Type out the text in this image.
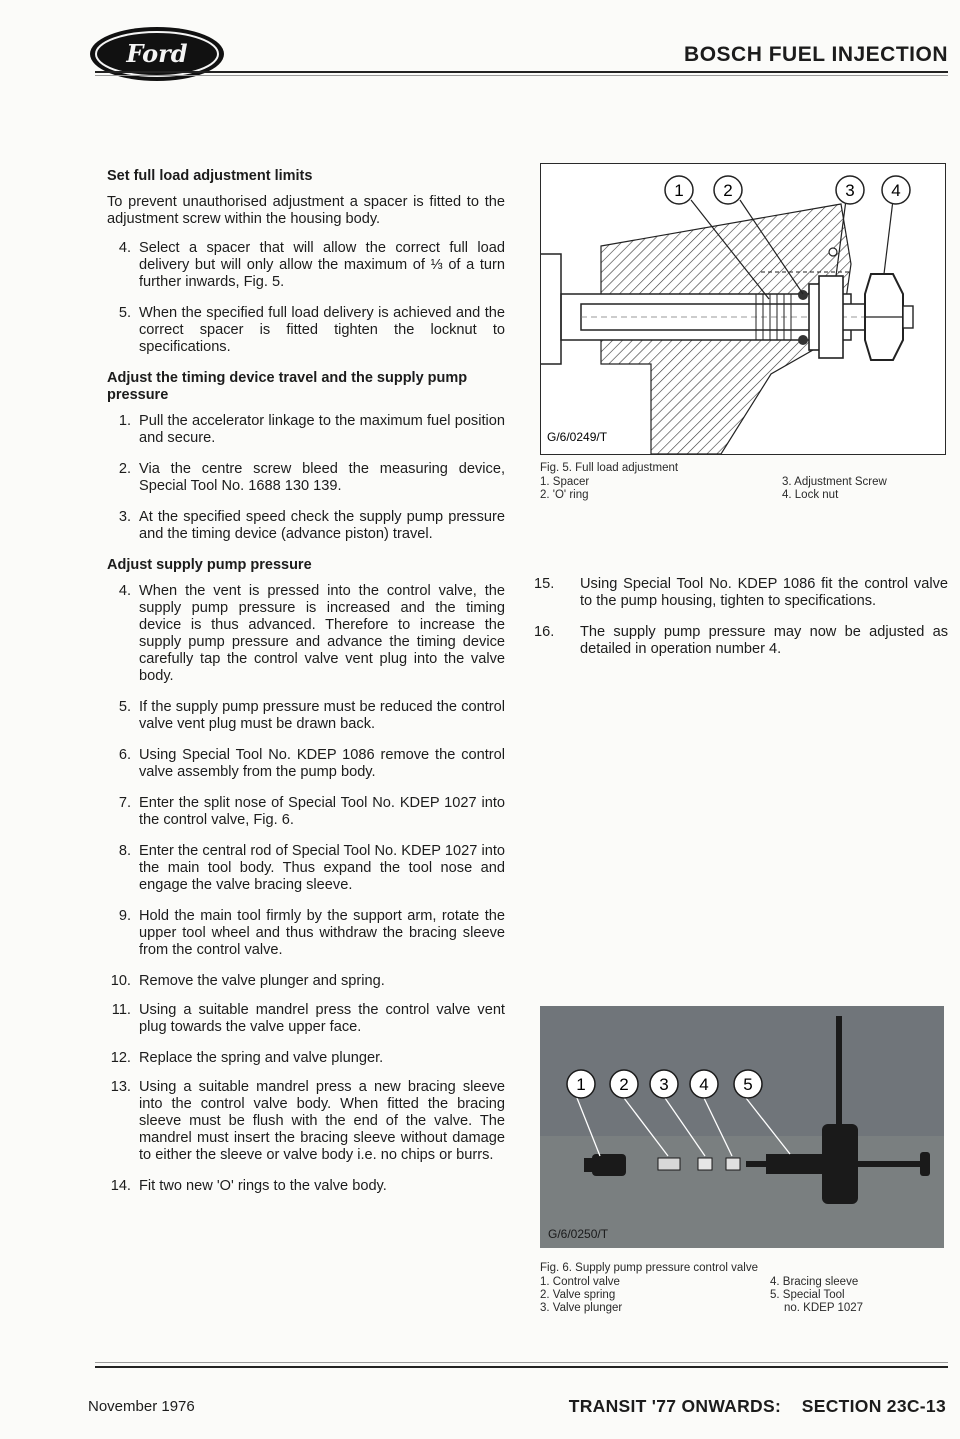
Ford	BOSCH FUEL INJECTION
Set full load adjustment limits
To prevent unauthorised adjustment a spacer is fitted to the adjustment screw within the housing body.
4. Select a spacer that will allow the correct full load delivery but will only allow the maximum of ⅓ of a turn further inwards, Fig. 5.
5. When the specified full load delivery is achieved and the correct spacer is fitted tighten the locknut to specifications.
Adjust the timing device travel and the supply pump pressure
1. Pull the accelerator linkage to the maximum fuel position and secure.
2. Via the centre screw bleed the measuring device, Special Tool No. 1688 130 139.
3. At the specified speed check the supply pump pressure and the timing device (advance piston) travel.
Adjust supply pump pressure
4. When the vent is pressed into the control valve, the supply pump pressure is increased and the timing device is thus advanced. Therefore to increase the supply pump pressure and advance the timing device carefully tap the control valve vent plug into the valve body.
5. If the supply pump pressure must be reduced the control valve vent plug must be drawn back.
6. Using Special Tool No. KDEP 1086 remove the control valve assembly from the pump body.
7. Enter the split nose of Special Tool No. KDEP 1027 into the control valve, Fig. 6.
8. Enter the central rod of Special Tool No. KDEP 1027 into the main tool body. Thus expand the tool nose and engage the valve bracing sleeve.
9. Hold the main tool firmly by the support arm, rotate the upper tool wheel and thus withdraw the bracing sleeve from the control valve.
10. Remove the valve plunger and spring.
11. Using a suitable mandrel press the control valve vent plug towards the valve upper face.
12. Replace the spring and valve plunger.
13. Using a suitable mandrel press a new bracing sleeve into the control valve body. When fitted the bracing sleeve must be flush with the end of the valve. The mandrel must insert the bracing sleeve without damage to either the sleeve or valve body i.e. no chips or burrs.
14. Fit two new 'O' rings to the valve body.
1 2	3 4
G/6/0249/T
Fig. 5. Full load adjustment
1. Spacer	3. Adjustment Screw
2. 'O' ring	4. Lock nut
15.	Using Special Tool No. KDEP 1086 fit the control valve to the pump housing, tighten to specifications.
16.	The supply pump pressure may now be adjusted as detailed in operation number 4.
1 2 3 4 5
G/6/0250/T
Fig. 6. Supply pump pressure control valve
1. Control valve	4. Bracing sleeve
2. Valve spring	5. Special Tool
3. Valve plunger	no. KDEP 1027
November 1976	TRANSIT '77 ONWARDS:    SECTION 23C-13
